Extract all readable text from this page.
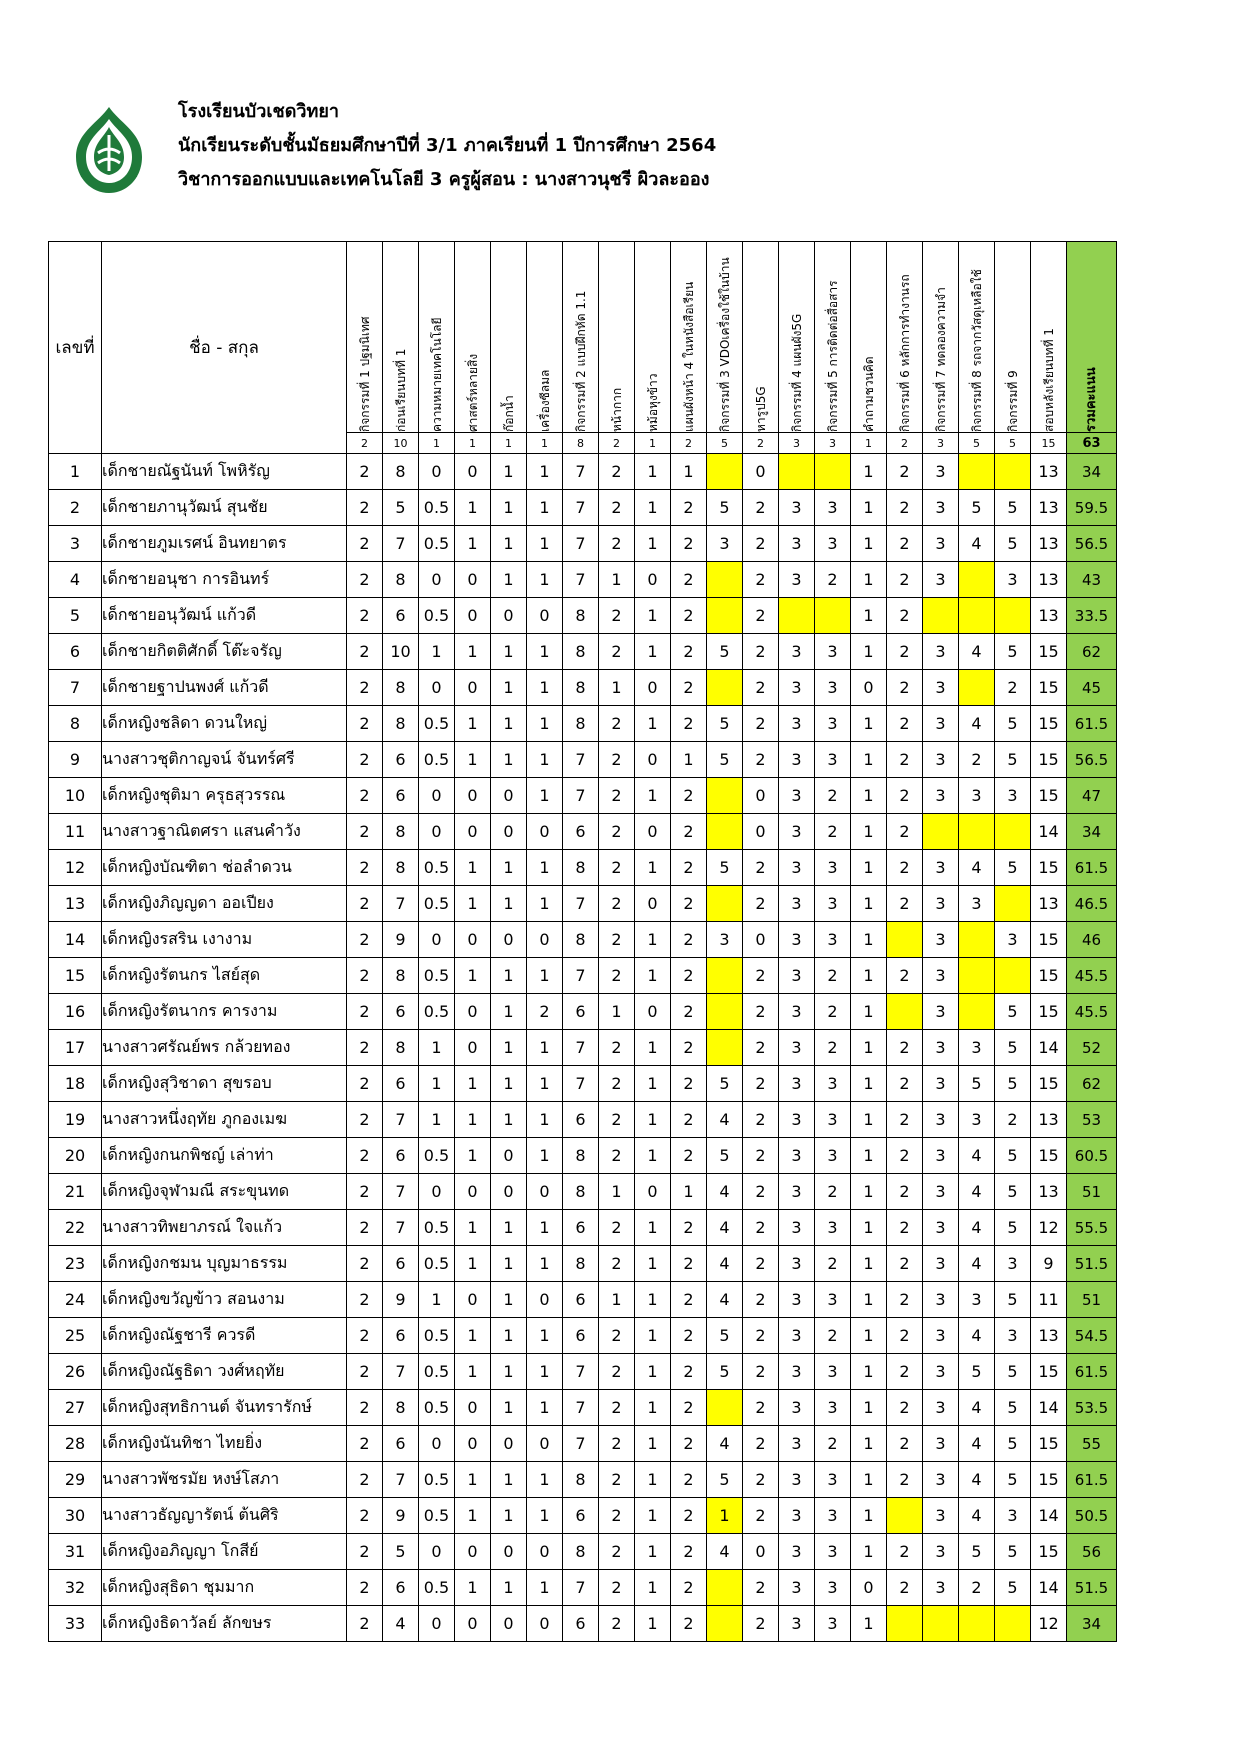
โรงเรียนบัวเชดวิทยา
นักเรียนระดับชั้นมัธยมศึกษาปีที่ 3/1 ภาคเรียนที่ 1 ปีการศึกษา 2564
วิชาการออกแบบและเทคโนโลยี 3 ครูผู้สอน : นางสาวนุชรี ผิวละออง
เลขที่	ชื่อ - สกุล	กิจกรรมที่ 1 ปฐมนิเทศ	ก่อนเรียนบทที่ 1	ความหมายเทคโนโลยี	ศาสตร์หลายสิ่ง	ก๊อกน้ำ	เครื่องซีลมล	กิจกรรมที่ 2 แบบฝึกหัด 1.1	หน้ากาก	หม้อหุงข้าว	แผนผังหน้า 4 ในหนังสือเรียน	กิจกรรมที่ 3 VDOเครื่องใช้ในบ้าน	หารูป5G	กิจกรรมที่ 4 แผนผัง5G	กิจกรรมที่ 5 การติดต่อสื่อสาร	คำถามชวนคิด	กิจกรรมที่ 6 หลักการทำงานรถ	กิจกรรมที่ 7 ทดลองความจำ	กิจกรรมที่ 8 รถจากวัสดุเหลือใช้	กิจกรรมที่ 9	สอบหลังเรียนบทที่ 1	รวมคะแนน

		2	10	1	1	1	1	8	2	1	2	5	2	3	3	1	2	3	5	5	15	63
1	เด็กชายณัฐนันท์ โพหิรัญ	2	8	0	0	1	1	7	2	1	1		0			1	2	3			13	34
2	เด็กชายภานุวัฒน์ สุนชัย	2	5	0.5	1	1	1	7	2	1	2	5	2	3	3	1	2	3	5	5	13	59.5
3	เด็กชายภูมเรศน์ อินทยาตร	2	7	0.5	1	1	1	7	2	1	2	3	2	3	3	1	2	3	4	5	13	56.5
4	เด็กชายอนุชา การอินทร์	2	8	0	0	1	1	7	1	0	2		2	3	2	1	2	3		3	13	43
5	เด็กชายอนุวัฒน์ แก้วดี	2	6	0.5	0	0	0	8	2	1	2		2			1	2				13	33.5
6	เด็กชายกิตติศักดิ์ โต๊ะจรัญ	2	10	1	1	1	1	8	2	1	2	5	2	3	3	1	2	3	4	5	15	62
7	เด็กชายฐาปนพงศ์ แก้วดี	2	8	0	0	1	1	8	1	0	2		2	3	3	0	2	3		2	15	45
8	เด็กหญิงชลิดา ดวนใหญ่	2	8	0.5	1	1	1	8	2	1	2	5	2	3	3	1	2	3	4	5	15	61.5
9	นางสาวชุติกาญจน์ จันทร์ศรี	2	6	0.5	1	1	1	7	2	0	1	5	2	3	3	1	2	3	2	5	15	56.5
10	เด็กหญิงชุติมา ครุธสุวรรณ	2	6	0	0	0	1	7	2	1	2		0	3	2	1	2	3	3	3	15	47
11	นางสาวฐาณิตศรา แสนคำวัง	2	8	0	0	0	0	6	2	0	2		0	3	2	1	2				14	34
12	เด็กหญิงบัณฑิตา ช่อลำดวน	2	8	0.5	1	1	1	8	2	1	2	5	2	3	3	1	2	3	4	5	15	61.5
13	เด็กหญิงภิญญดา ออเปียง	2	7	0.5	1	1	1	7	2	0	2		2	3	3	1	2	3	3		13	46.5
14	เด็กหญิงรสริน เงางาม	2	9	0	0	0	0	8	2	1	2	3	0	3	3	1		3		3	15	46
15	เด็กหญิงรัตนกร ไสย์สุด	2	8	0.5	1	1	1	7	2	1	2		2	3	2	1	2	3			15	45.5
16	เด็กหญิงรัตนากร คารงาม	2	6	0.5	0	1	2	6	1	0	2		2	3	2	1		3		5	15	45.5
17	นางสาวศรัณย์พร กล้วยทอง	2	8	1	0	1	1	7	2	1	2		2	3	2	1	2	3	3	5	14	52
18	เด็กหญิงสุวิชาดา สุขรอบ	2	6	1	1	1	1	7	2	1	2	5	2	3	3	1	2	3	5	5	15	62
19	นางสาวหนึ่งฤทัย ภูกองเมฆ	2	7	1	1	1	1	6	2	1	2	4	2	3	3	1	2	3	3	2	13	53
20	เด็กหญิงกนกพิชญ์ เล่าท่า	2	6	0.5	1	0	1	8	2	1	2	5	2	3	3	1	2	3	4	5	15	60.5
21	เด็กหญิงจุฬามณี สระขุนทด	2	7	0	0	0	0	8	1	0	1	4	2	3	2	1	2	3	4	5	13	51
22	นางสาวทิพยาภรณ์ ใจแก้ว	2	7	0.5	1	1	1	6	2	1	2	4	2	3	3	1	2	3	4	5	12	55.5
23	เด็กหญิงกชมน บุญมาธรรม	2	6	0.5	1	1	1	8	2	1	2	4	2	3	2	1	2	3	4	3	9	51.5
24	เด็กหญิงขวัญข้าว สอนงาม	2	9	1	0	1	0	6	1	1	2	4	2	3	3	1	2	3	3	5	11	51
25	เด็กหญิงณัฐชารี ควรดี	2	6	0.5	1	1	1	6	2	1	2	5	2	3	2	1	2	3	4	3	13	54.5
26	เด็กหญิงณัฐธิดา วงศ์หฤทัย	2	7	0.5	1	1	1	7	2	1	2	5	2	3	3	1	2	3	5	5	15	61.5
27	เด็กหญิงสุทธิกานต์ จันทรารักษ์	2	8	0.5	0	1	1	7	2	1	2		2	3	3	1	2	3	4	5	14	53.5
28	เด็กหญิงนันทิชา ไทยยิ่ง	2	6	0	0	0	0	7	2	1	2	4	2	3	2	1	2	3	4	5	15	55
29	นางสาวพัชรมัย หงษ์โสภา	2	7	0.5	1	1	1	8	2	1	2	5	2	3	3	1	2	3	4	5	15	61.5
30	นางสาวธัญญารัตน์ ต้นศิริ	2	9	0.5	1	1	1	6	2	1	2	1	2	3	3	1		3	4	3	14	50.5
31	เด็กหญิงอภิญญา โกสีย์	2	5	0	0	0	0	8	2	1	2	4	0	3	3	1	2	3	5	5	15	56
32	เด็กหญิงสุธิดา ชุมมาก	2	6	0.5	1	1	1	7	2	1	2		2	3	3	0	2	3	2	5	14	51.5
33	เด็กหญิงธิดาวัลย์ ลักขษร	2	4	0	0	0	0	6	2	1	2		2	3	3	1					12	34
